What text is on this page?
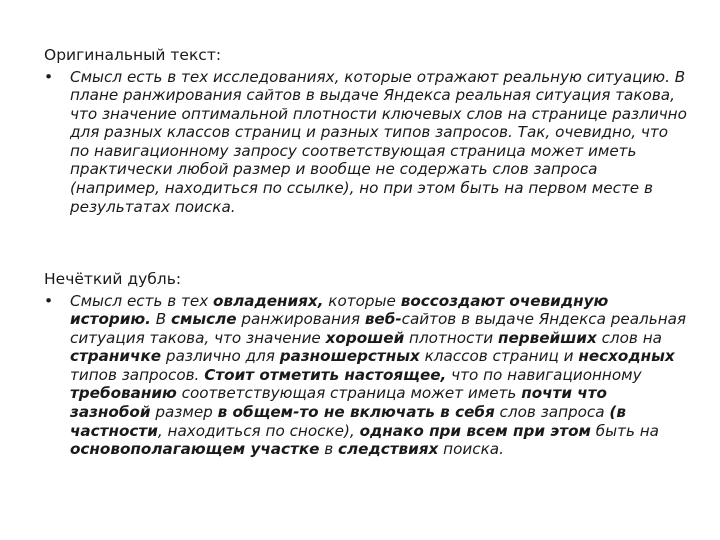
Оригинальный текст:
•	Смысл есть в тех исследованиях, которые отражают реальную ситуацию. В плане ранжирования сайтов в выдаче Яндекса реальная ситуация такова, что значение оптимальной плотности ключевых слов на странице различно для разных классов страниц и разных типов запросов. Так, очевидно, что по навигационному запросу соответствующая страница может иметь практически любой размер и вообще не содержать слов запроса (например, находиться по ссылке), но при этом быть на первом месте в результатах поиска.

Нечёткий дубль:
•	Смысл есть в тех овладениях, которые воссоздают очевидную историю. В смысле ранжирования веб-сайтов в выдаче Яндекса реальная ситуация такова, что значение хорошей плотности первейших слов на страничке различно для разношерстных классов страниц и несходных типов запросов. Стоит отметить настоящее, что по навигационному требованию соответствующая страница может иметь почти что зазнобой размер в общем-то не включать в себя слов запроса (в частности, находиться по сноске), однако при всем при этом быть на основополагающем участке в следствиях поиска.
